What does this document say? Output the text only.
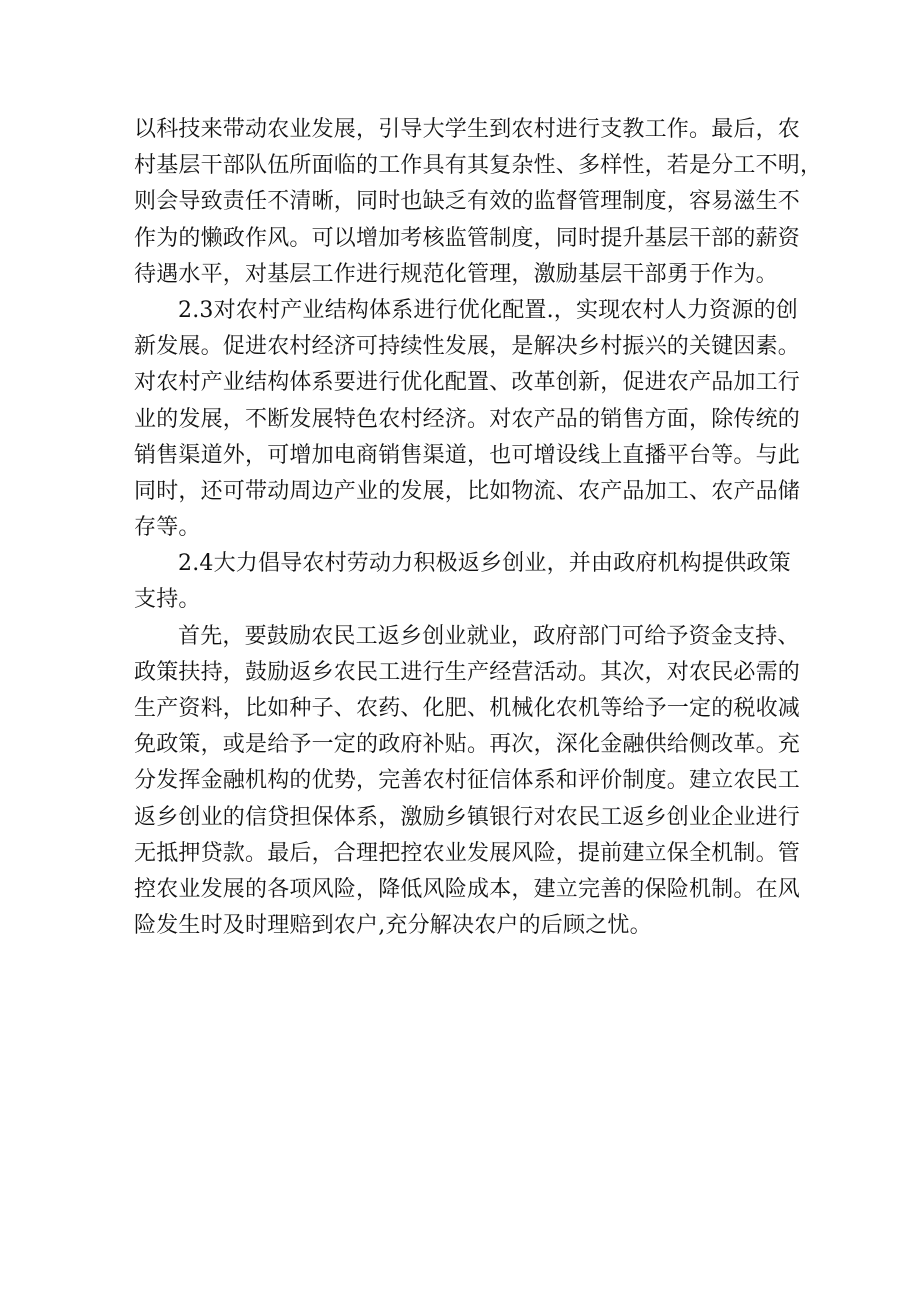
以科技来带动农业发展，引导大学生到农村进行支教工作。最后，农
村基层干部队伍所面临的工作具有其复杂性、多样性，若是分工不明，
则会导致责任不清晰，同时也缺乏有效的监督管理制度，容易滋生不
作为的懒政作风。可以增加考核监管制度，同时提升基层干部的薪资
待遇水平，对基层工作进行规范化管理，激励基层干部勇于作为。
2.3对农村产业结构体系进行优化配置.，实现农村人力资源的创
新发展。促进农村经济可持续性发展，是解决乡村振兴的关键因素。
对农村产业结构体系要进行优化配置、改革创新，促进农产品加工行
业的发展，不断发展特色农村经济。对农产品的销售方面，除传统的
销售渠道外，可增加电商销售渠道，也可增设线上直播平台等。与此
同时，还可带动周边产业的发展，比如物流、农产品加工、农产品储
存等。
2.4大力倡导农村劳动力积极返乡创业，并由政府机构提供政策
支持。
首先，要鼓励农民工返乡创业就业，政府部门可给予资金支持、
政策扶持，鼓励返乡农民工进行生产经营活动。其次，对农民必需的
生产资料，比如种子、农药、化肥、机械化农机等给予一定的税收减
免政策，或是给予一定的政府补贴。再次，深化金融供给侧改革。充
分发挥金融机构的优势，完善农村征信体系和评价制度。建立农民工
返乡创业的信贷担保体系，激励乡镇银行对农民工返乡创业企业进行
无抵押贷款。最后，合理把控农业发展风险，提前建立保全机制。管
控农业发展的各项风险，降低风险成本，建立完善的保险机制。在风
险发生时及时理赔到农户,充分解决农户的后顾之忧。
